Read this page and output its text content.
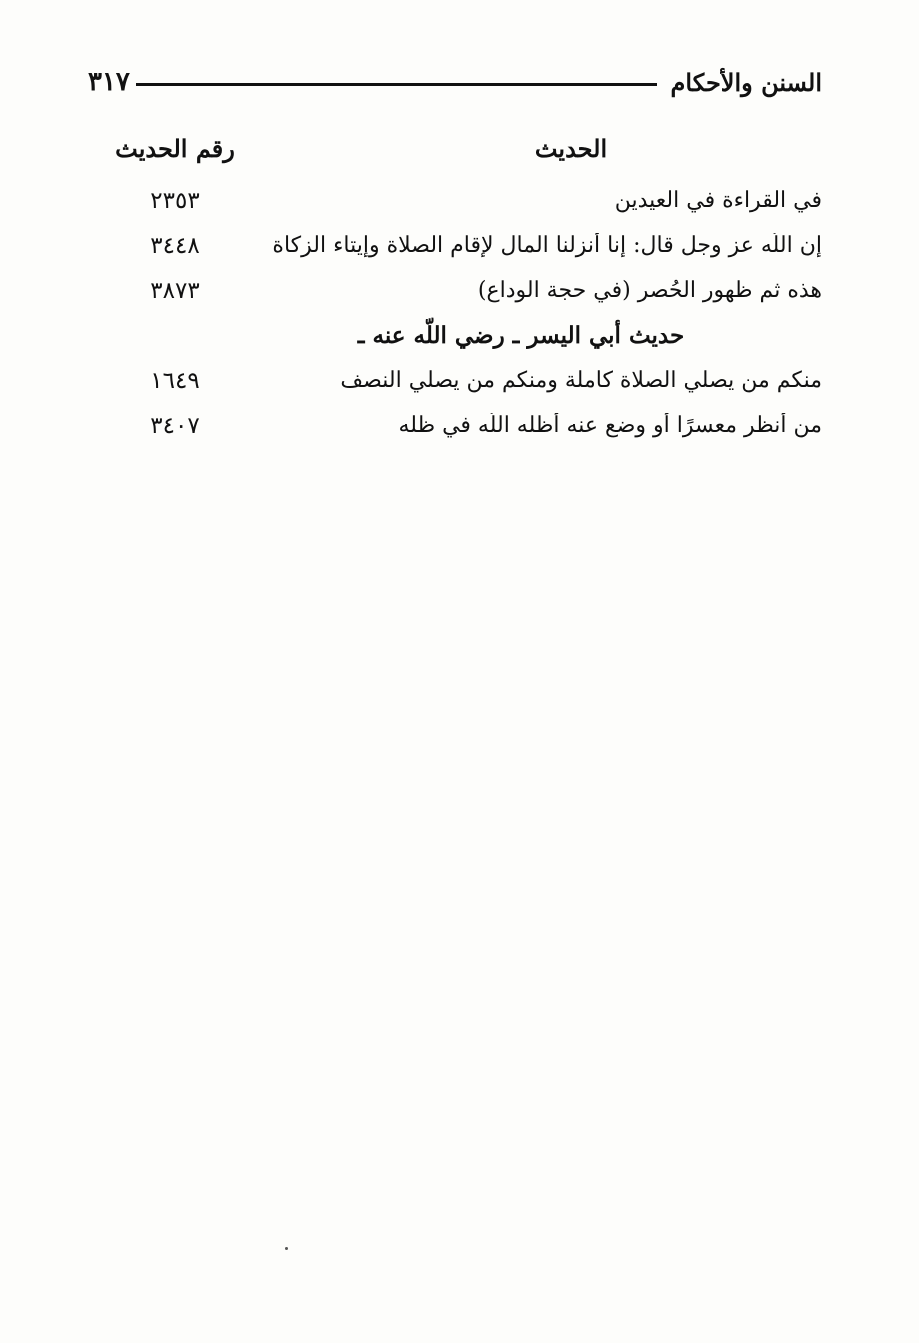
السنن والأحكام
٣١٧
الحديث
رقم الحديث
في القراءة في العيدين
٢٣٥٣
إن اللّه عز وجل قال: إنا أنزلنا المال لإقام الصلاة وإيتاء الزكاة
٣٤٤٨
هذه ثم ظهور الحُصر (في حجة الوداع)
٣٨٧٣
حديث أبي اليسر ـ رضي اللّه عنه ـ
منكم من يصلي الصلاة كاملة ومنكم من يصلي النصف
١٦٤٩
من أنظر معسرًا أو وضع عنه أظله اللّه في ظله
٣٤٠٧
